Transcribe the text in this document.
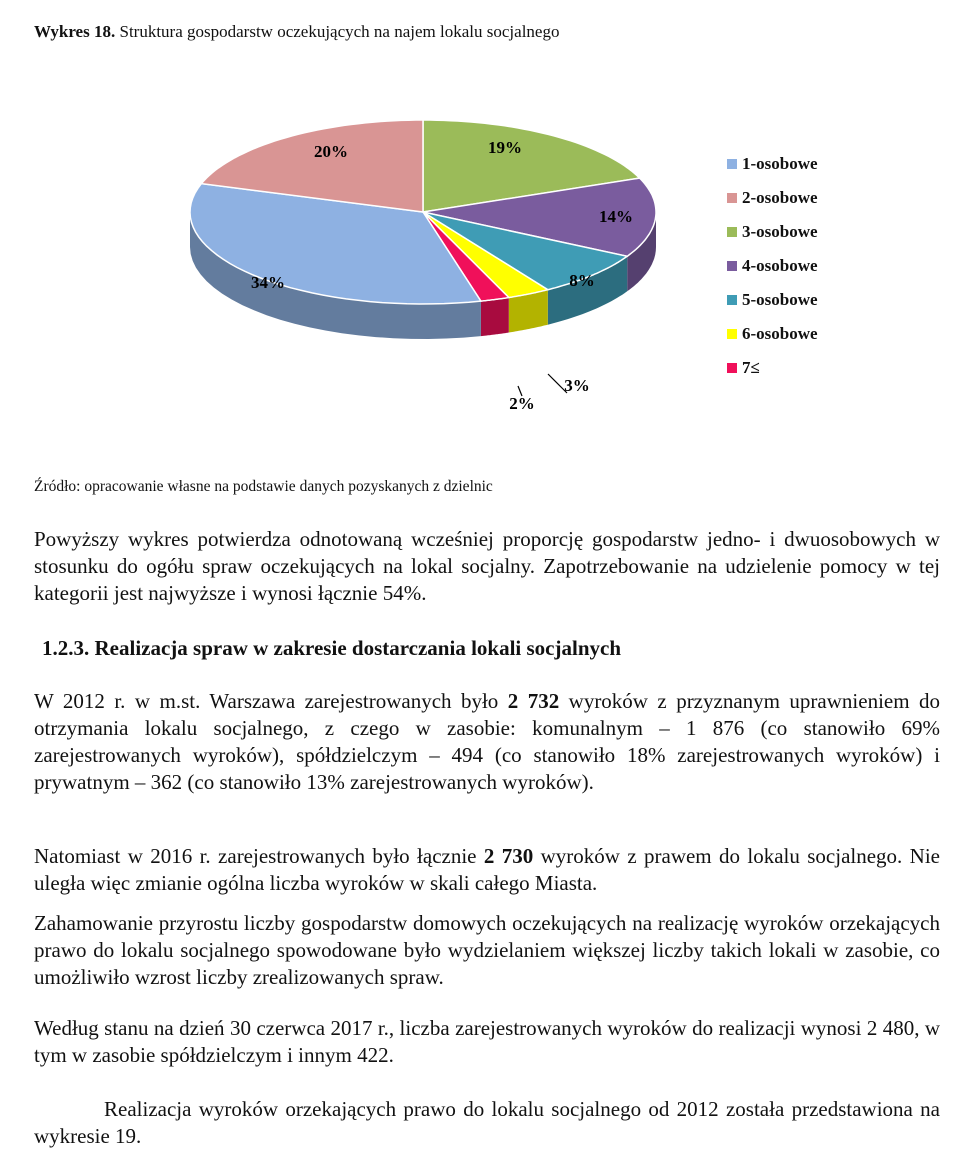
Wykres 18. Struktura gospodarstw oczekujących na najem lokalu socjalnego
19%
14%
8%
3%
2%
34%
20%
1-osobowe
2-osobowe
3-osobowe
4-osobowe
5-osobowe
6-osobowe
7≤
Źródło: opracowanie własne na podstawie danych pozyskanych z dzielnic
Powyższy wykres potwierdza odnotowaną wcześniej proporcję gospodarstw jedno- i dwuosobowych w stosunku do ogółu spraw oczekujących na lokal socjalny. Zapotrzebowanie na udzielenie pomocy w tej kategorii jest najwyższe i wynosi łącznie 54%.
1.2.3. Realizacja spraw w zakresie dostarczania lokali socjalnych
W 2012 r. w m.st. Warszawa zarejestrowanych było 2 732 wyroków z przyznanym uprawnieniem do otrzymania lokalu socjalnego, z czego w zasobie: komunalnym – 1 876 (co stanowiło 69% zarejestrowanych wyroków), spółdzielczym – 494 (co stanowiło 18% zarejestrowanych wyroków) i prywatnym – 362 (co stanowiło 13% zarejestrowanych wyroków).
Natomiast w 2016 r. zarejestrowanych było łącznie 2 730 wyroków z prawem do lokalu socjalnego. Nie uległa więc zmianie ogólna liczba wyroków w skali całego Miasta.
Zahamowanie przyrostu liczby gospodarstw domowych oczekujących na realizację wyroków orzekających prawo do lokalu socjalnego spowodowane było wydzielaniem większej liczby takich lokali w zasobie, co umożliwiło wzrost liczby zrealizowanych spraw.
Według stanu na dzień 30 czerwca 2017 r., liczba zarejestrowanych wyroków do realizacji wynosi 2 480, w tym w zasobie spółdzielczym i innym 422.
Realizacja wyroków orzekających prawo do lokalu socjalnego od 2012 została przedstawiona na wykresie 19.
